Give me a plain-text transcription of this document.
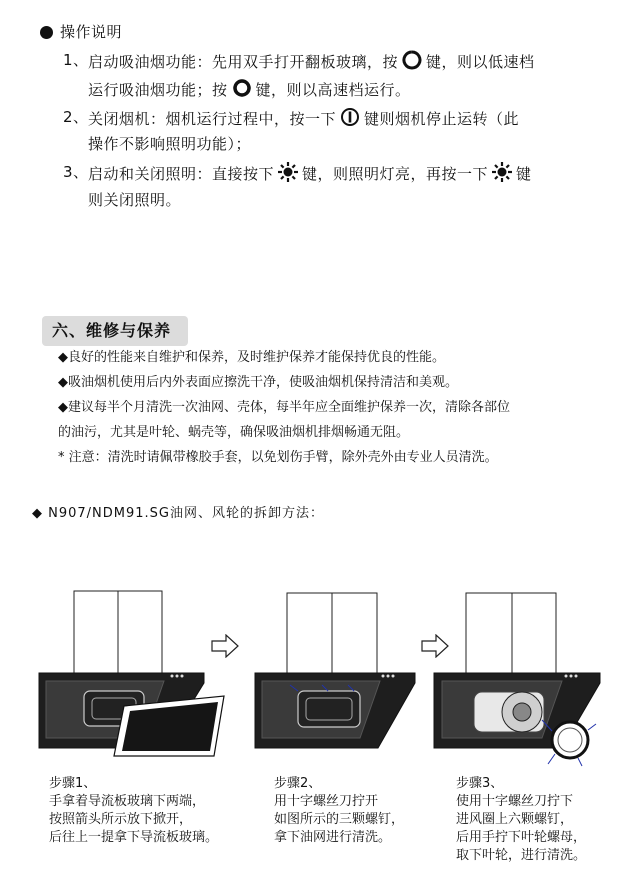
操作说明
1、 启动吸油烟功能：先用双手打开翻板玻璃，按 键，则以低速档
运行吸油烟功能；按 键，则以高速档运行。
2、 关闭烟机：烟机运行过程中，按一下 键则烟机停止运转（此
操作不影响照明功能）；
3、 启动和关闭照明：直接按下 键，则照明灯亮，再按一下 键
则关闭照明。
六、维修与保养
◆良好的性能来自维护和保养，及时维护保养才能保持优良的性能。
◆吸油烟机使用后内外表面应擦洗干净，使吸油烟机保持清洁和美观。
◆建议每半个月清洗一次油网、壳体，每半年应全面维护保养一次，清除各部位
的油污，尤其是叶轮、蜗壳等，确保吸油烟机排烟畅通无阻。
* 注意：清洗时请佩带橡胶手套，以免划伤手臂，除外壳外由专业人员清洗。
◆ N907/NDM91.SG油网、风轮的拆卸方法：
步骤1、
手拿着导流板玻璃下两端，
按照箭头所示放下掀开，
后往上一提拿下导流板玻璃。
步骤2、
用十字螺丝刀拧开
如图所示的三颗螺钉，
拿下油网进行清洗。
步骤3、
使用十字螺丝刀拧下
进风圈上六颗螺钉，
后用手拧下叶轮螺母，
取下叶轮，进行清洗。
